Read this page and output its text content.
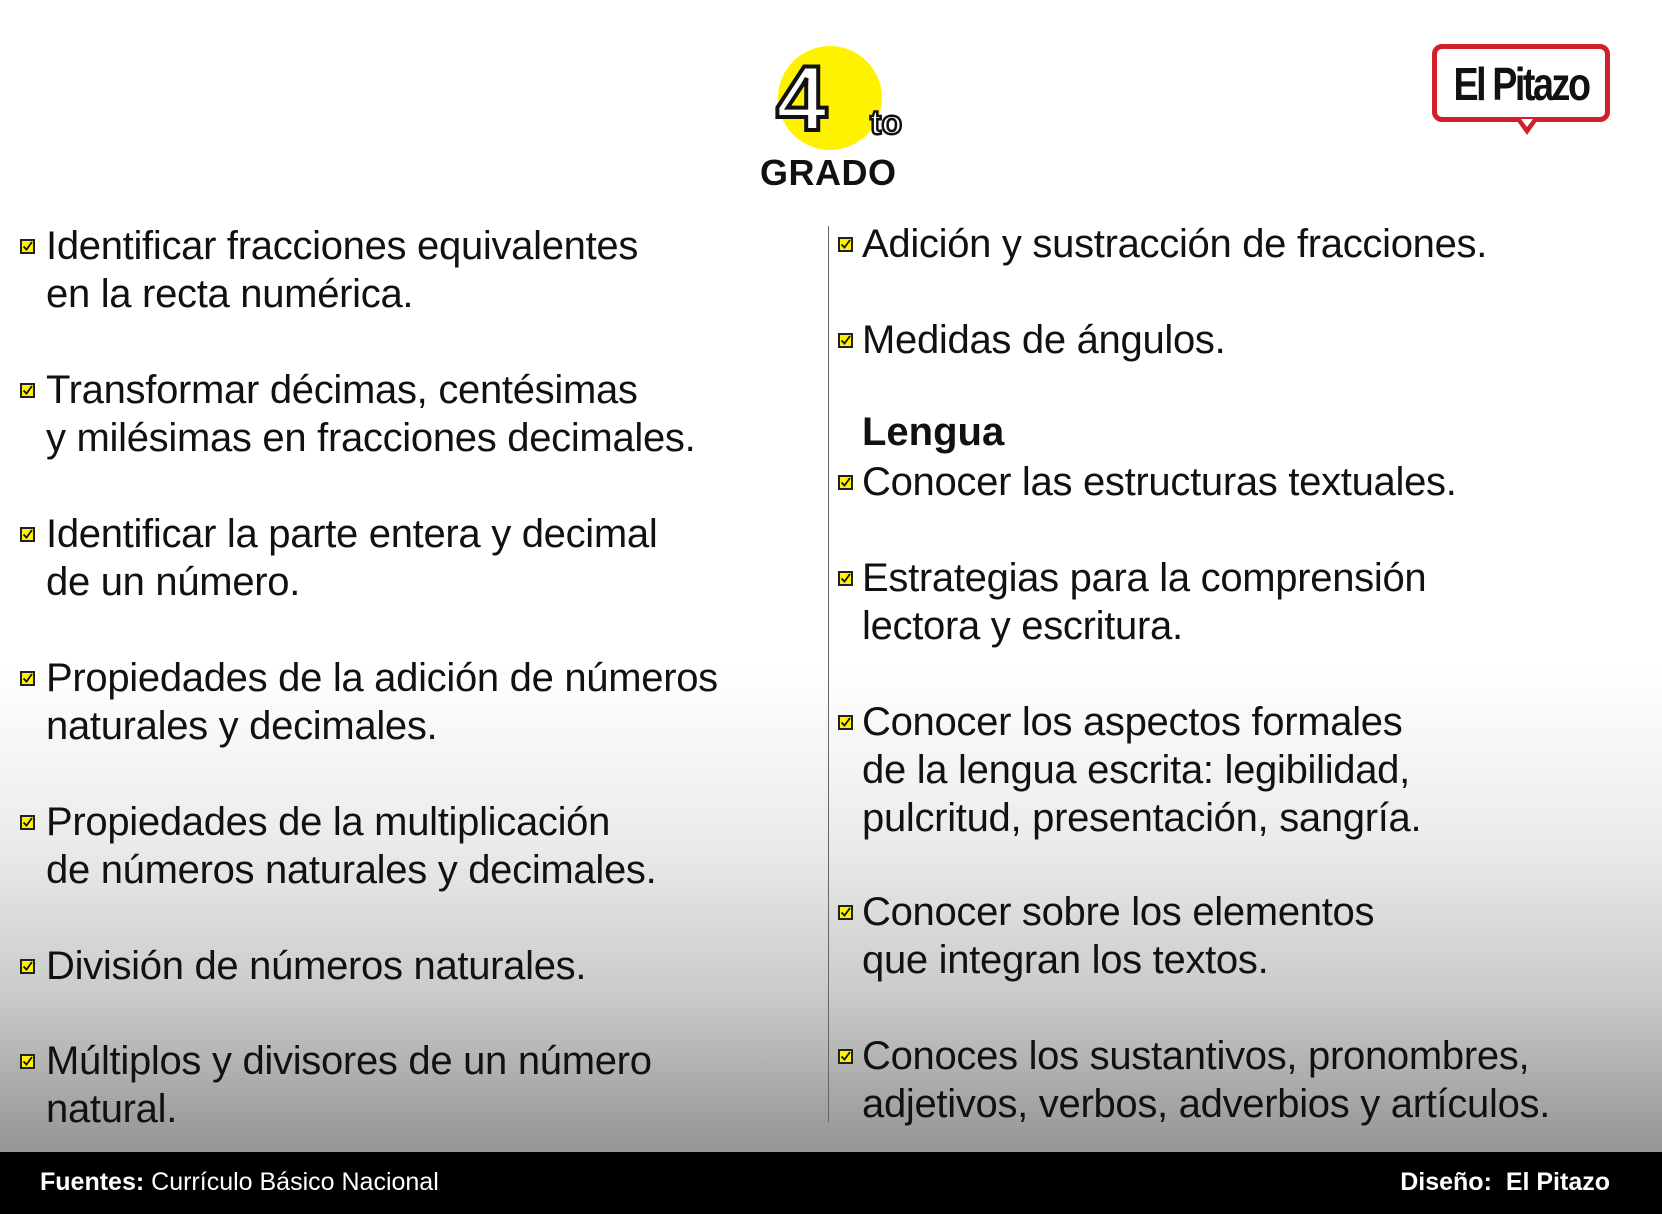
4 to
GRADO
El Pitazo
Identificar fracciones equivalentes
en la recta numérica.
Transformar décimas, centésimas
y milésimas en fracciones decimales.
Identificar la parte entera y decimal
de un número.
Propiedades de la adición de números
naturales y decimales.
Propiedades de la multiplicación
de números naturales y decimales.
División de números naturales.
Múltiplos y divisores de un número
natural.
Adición y sustracción de fracciones.
Medidas de ángulos.
Conocer las estructuras textuales.
Estrategias para la comprensión
lectora y escritura.
Conocer los aspectos formales
de la lengua escrita: legibilidad,
pulcritud, presentación, sangría.
Conocer sobre los elementos
que integran los textos.
Conoces los sustantivos, pronombres,
adjetivos, verbos, adverbios y artículos.
Lengua
Fuentes: Currículo Básico Nacional	Diseño: El Pitazo
